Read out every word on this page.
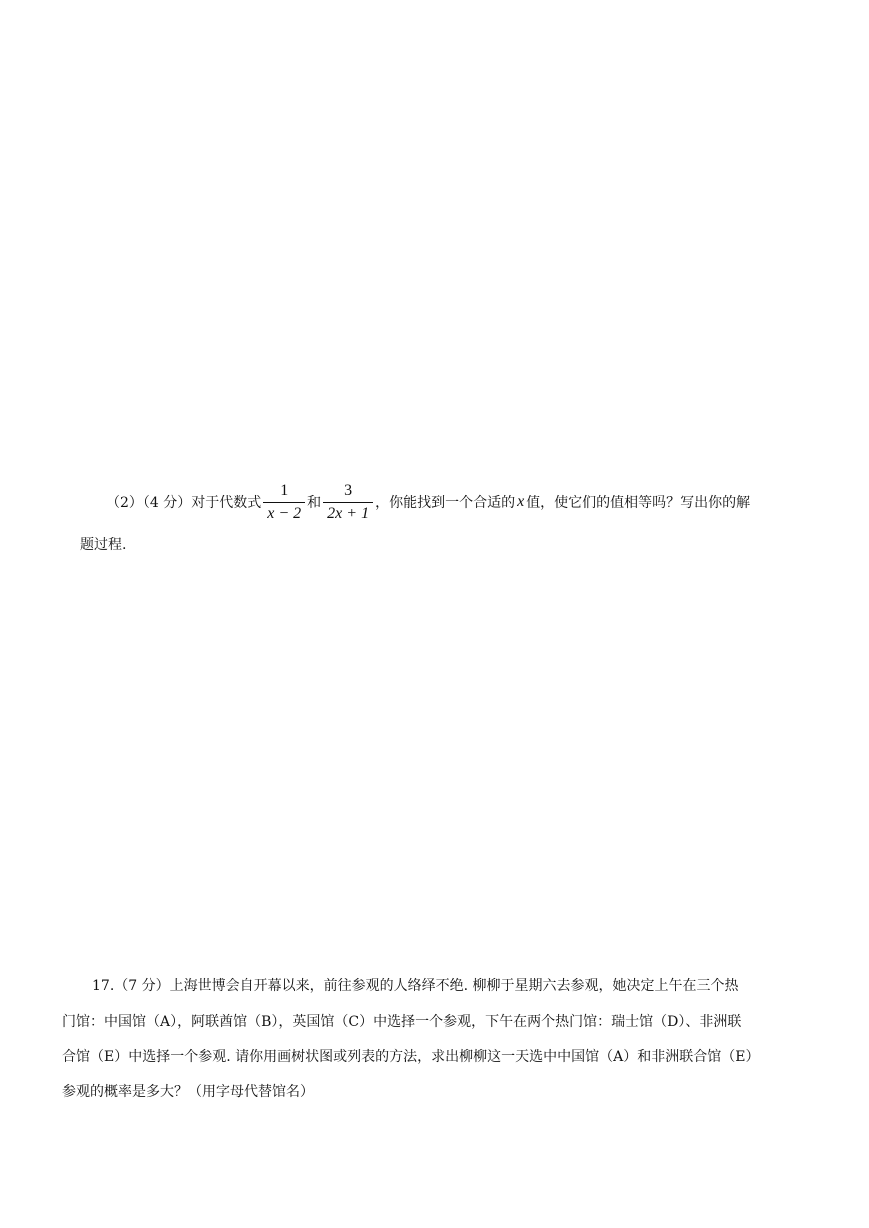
（2）（4 分）对于代数式 $\frac{1}{x - 2}$ 和 $\frac{3}{2x + 1}$ ，你能找到一个合适的 x 值，使它们的值相等吗？写出你的解
题过程.
17.（7 分）上海世博会自开幕以来，前往参观的人络绎不绝. 柳柳于星期六去参观，她决定上午在三个热
门馆：中国馆（A），阿联酋馆（B），英国馆（C）中选择一个参观，下午在两个热门馆：瑞士馆（D）、非洲联
合馆（E）中选择一个参观. 请你用画树状图或列表的方法，求出柳柳这一天选中中国馆（A）和非洲联合馆（E）
参观的概率是多大？（用字母代替馆名）
